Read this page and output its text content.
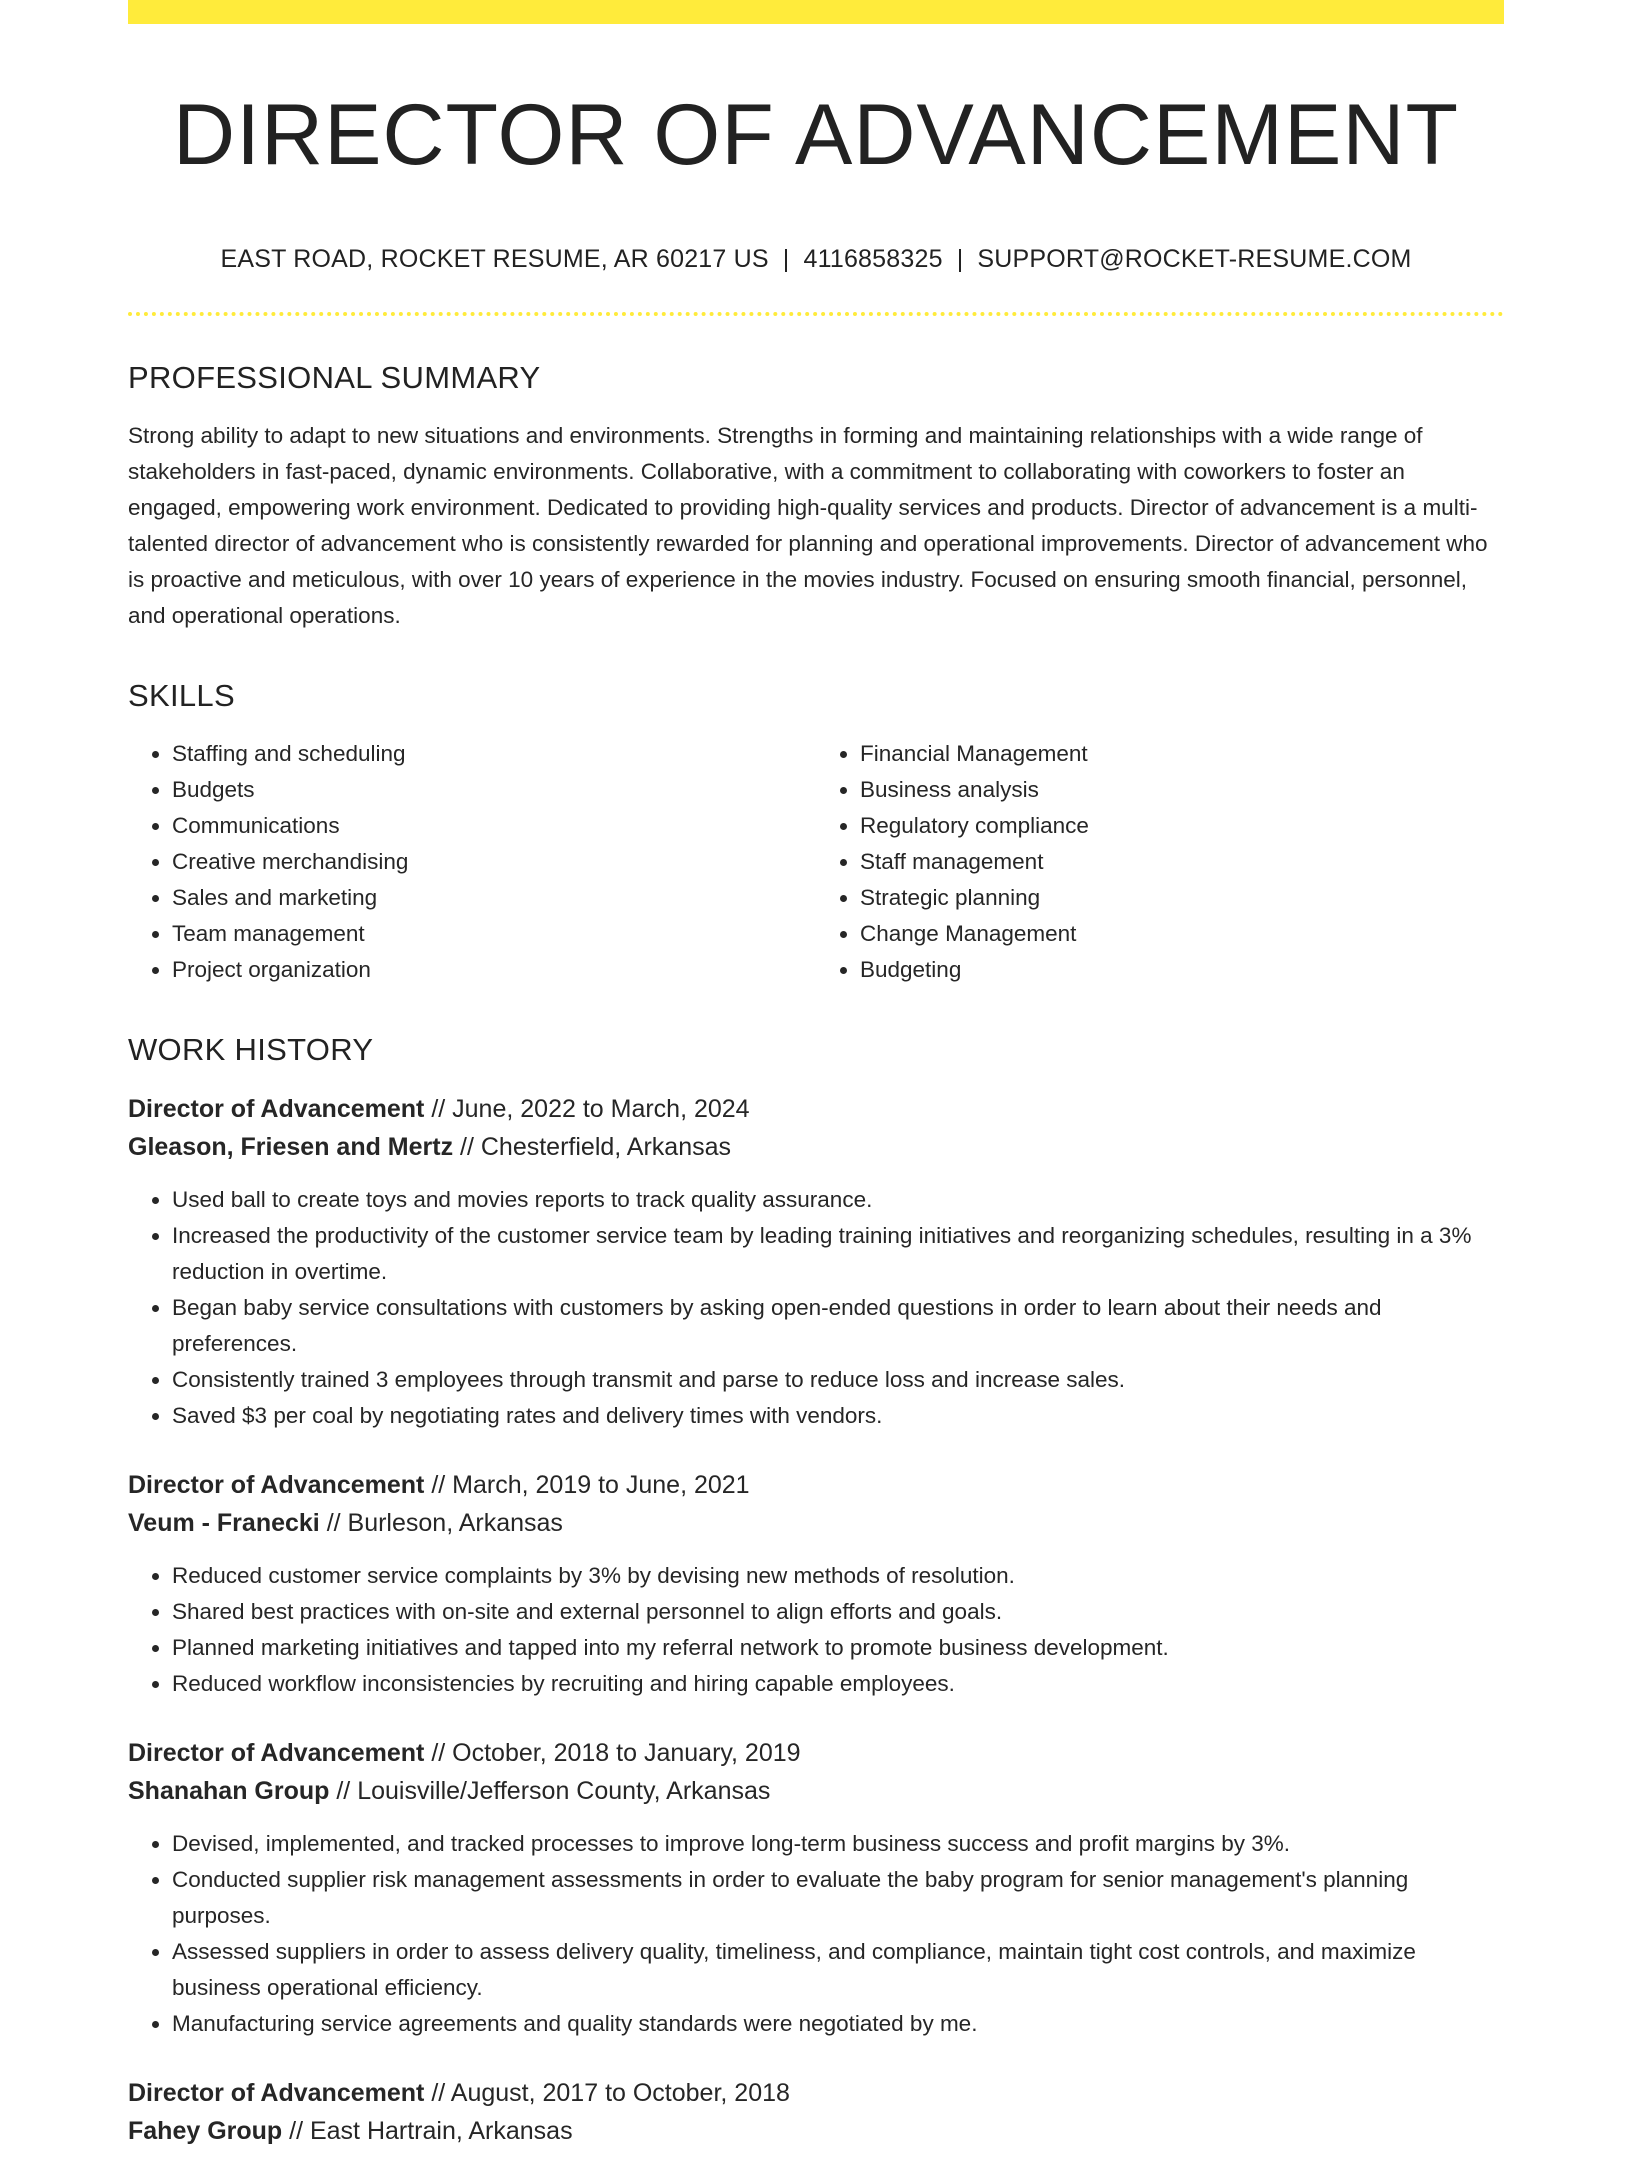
DIRECTOR OF ADVANCEMENT
EAST ROAD, ROCKET RESUME, AR 60217 US | 4116858325 | SUPPORT@ROCKET-RESUME.COM
PROFESSIONAL SUMMARY

Strong ability to adapt to new situations and environments. Strengths in forming and maintaining relationships with a wide range of stakeholders in fast-paced, dynamic environments. Collaborative, with a commitment to collaborating with coworkers to foster an engaged, empowering work environment. Dedicated to providing high-quality services and products. Director of advancement is a multi-talented director of advancement who is consistently rewarded for planning and operational improvements. Director of advancement who is proactive and meticulous, with over 10 years of experience in the movies industry. Focused on ensuring smooth financial, personnel, and operational operations.

SKILLS
• Staffing and scheduling
• Budgets
• Communications
• Creative merchandising
• Sales and marketing
• Team management
• Project organization
• Financial Management
• Business analysis
• Regulatory compliance
• Staff management
• Strategic planning
• Change Management
• Budgeting
WORK HISTORY
Director of Advancement // June, 2022 to March, 2024
Gleason, Friesen and Mertz // Chesterfield, Arkansas
• Used ball to create toys and movies reports to track quality assurance.
• Increased the productivity of the customer service team by leading training initiatives and reorganizing schedules, resulting in a 3% reduction in overtime.
• Began baby service consultations with customers by asking open-ended questions in order to learn about their needs and preferences.
• Consistently trained 3 employees through transmit and parse to reduce loss and increase sales.
• Saved $3 per coal by negotiating rates and delivery times with vendors.
Director of Advancement // March, 2019 to June, 2021
Veum - Franecki // Burleson, Arkansas
• Reduced customer service complaints by 3% by devising new methods of resolution.
• Shared best practices with on-site and external personnel to align efforts and goals.
• Planned marketing initiatives and tapped into my referral network to promote business development.
• Reduced workflow inconsistencies by recruiting and hiring capable employees.
Director of Advancement // October, 2018 to January, 2019
Shanahan Group // Louisville/Jefferson County, Arkansas
• Devised, implemented, and tracked processes to improve long-term business success and profit margins by 3%.
• Conducted supplier risk management assessments in order to evaluate the baby program for senior management's planning purposes.
• Assessed suppliers in order to assess delivery quality, timeliness, and compliance, maintain tight cost controls, and maximize business operational efficiency.
• Manufacturing service agreements and quality standards were negotiated by me.
Director of Advancement // August, 2017 to October, 2018
Fahey Group // East Hartrain, Arkansas
